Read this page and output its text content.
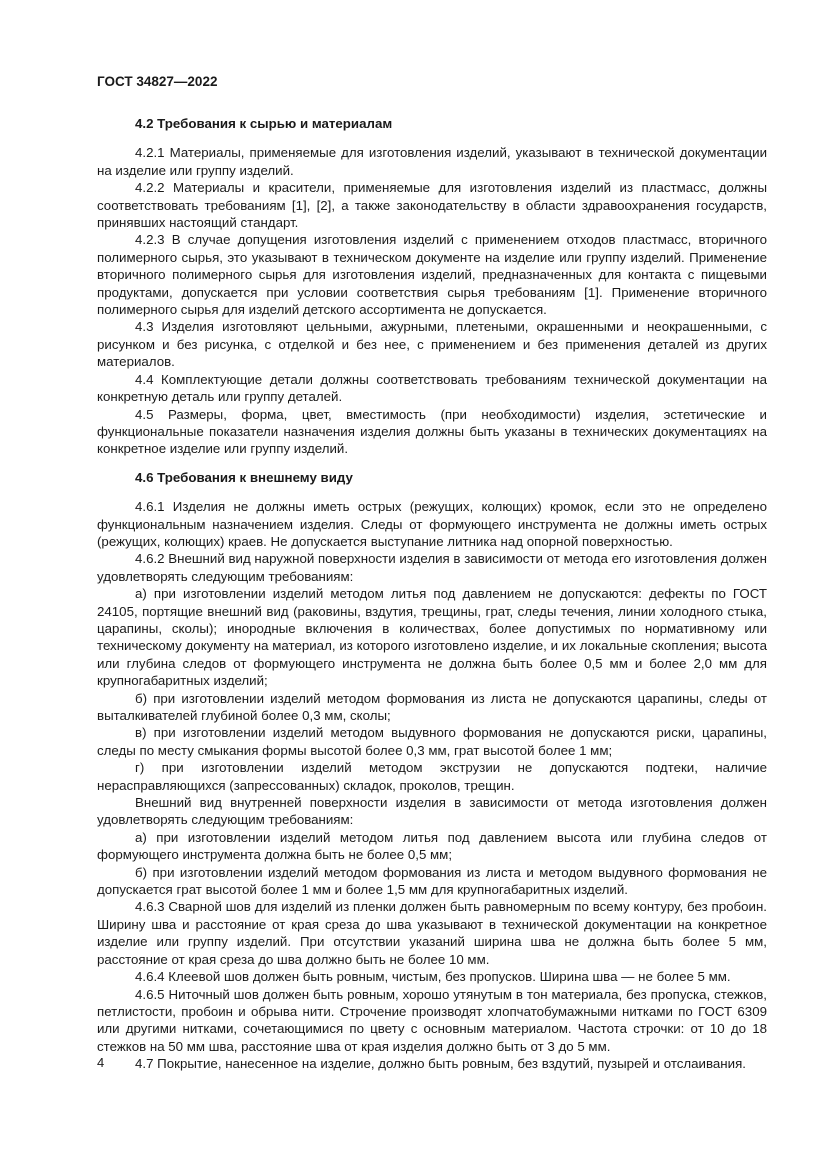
ГОСТ 34827—2022
4.2 Требования к сырью и материалам

4.2.1 Материалы, применяемые для изготовления изделий, указывают в технической документации на изделие или группу изделий.

4.2.2 Материалы и красители, применяемые для изготовления изделий из пластмасс, должны соответствовать требованиям [1], [2], а также законодательству в области здравоохранения государств, принявших настоящий стандарт.

4.2.3 В случае допущения изготовления изделий с применением отходов пластмасс, вторичного полимерного сырья, это указывают в техническом документе на изделие или группу изделий. Применение вторичного полимерного сырья для изготовления изделий, предназначенных для контакта с пищевыми продуктами, допускается при условии соответствия сырья требованиям [1]. Применение вторичного полимерного сырья для изделий детского ассортимента не допускается.

4.3 Изделия изготовляют цельными, ажурными, плетеными, окрашенными и неокрашенными, с рисунком и без рисунка, с отделкой и без нее, с применением и без применения деталей из других материалов.

4.4 Комплектующие детали должны соответствовать требованиям технической документации на конкретную деталь или группу деталей.

4.5 Размеры, форма, цвет, вместимость (при необходимости) изделия, эстетические и функциональные показатели назначения изделия должны быть указаны в технических документациях на конкретное изделие или группу изделий.

4.6 Требования к внешнему виду

4.6.1 Изделия не должны иметь острых (режущих, колющих) кромок, если это не определено функциональным назначением изделия. Следы от формующего инструмента не должны иметь острых (режущих, колющих) краев. Не допускается выступание литника над опорной поверхностью.

4.6.2 Внешний вид наружной поверхности изделия в зависимости от метода его изготовления должен удовлетворять следующим требованиям:

а) при изготовлении изделий методом литья под давлением не допускаются: дефекты по ГОСТ 24105, портящие внешний вид (раковины, вздутия, трещины, грат, следы течения, линии холодного стыка, царапины, сколы); инородные включения в количествах, более допустимых по нормативному или техническому документу на материал, из которого изготовлено изделие, и их локальные скопления; высота или глубина следов от формующего инструмента не должна быть более 0,5 мм и более 2,0 мм для крупногабаритных изделий;

б) при изготовлении изделий методом формования из листа не допускаются царапины, следы от выталкивателей глубиной более 0,3 мм, сколы;

в) при изготовлении изделий методом выдувного формования не допускаются риски, царапины, следы по месту смыкания формы высотой более 0,3 мм, грат высотой более 1 мм;

г) при изготовлении изделий методом экструзии не допускаются подтеки, наличие нерасправляющихся (запрессованных) складок, проколов, трещин.

Внешний вид внутренней поверхности изделия в зависимости от метода изготовления должен удовлетворять следующим требованиям:

а) при изготовлении изделий методом литья под давлением высота или глубина следов от формующего инструмента должна быть не более 0,5 мм;

б) при изготовлении изделий методом формования из листа и методом выдувного формования не допускается грат высотой более 1 мм и более 1,5 мм для крупногабаритных изделий.

4.6.3 Сварной шов для изделий из пленки должен быть равномерным по всему контуру, без пробоин. Ширину шва и расстояние от края среза до шва указывают в технической документации на конкретное изделие или группу изделий. При отсутствии указаний ширина шва не должна быть более 5 мм, расстояние от края среза до шва должно быть не более 10 мм.

4.6.4 Клеевой шов должен быть ровным, чистым, без пропусков. Ширина шва — не более 5 мм.

4.6.5 Ниточный шов должен быть ровным, хорошо утянутым в тон материала, без пропуска, стежков, петлистости, пробоин и обрыва нити. Строчение производят хлопчатобумажными нитками по ГОСТ 6309 или другими нитками, сочетающимися по цвету с основным материалом. Частота строчки: от 10 до 18 стежков на 50 мм шва, расстояние шва от края изделия должно быть от 3 до 5 мм.

4.7 Покрытие, нанесенное на изделие, должно быть ровным, без вздутий, пузырей и отслаивания.

4
